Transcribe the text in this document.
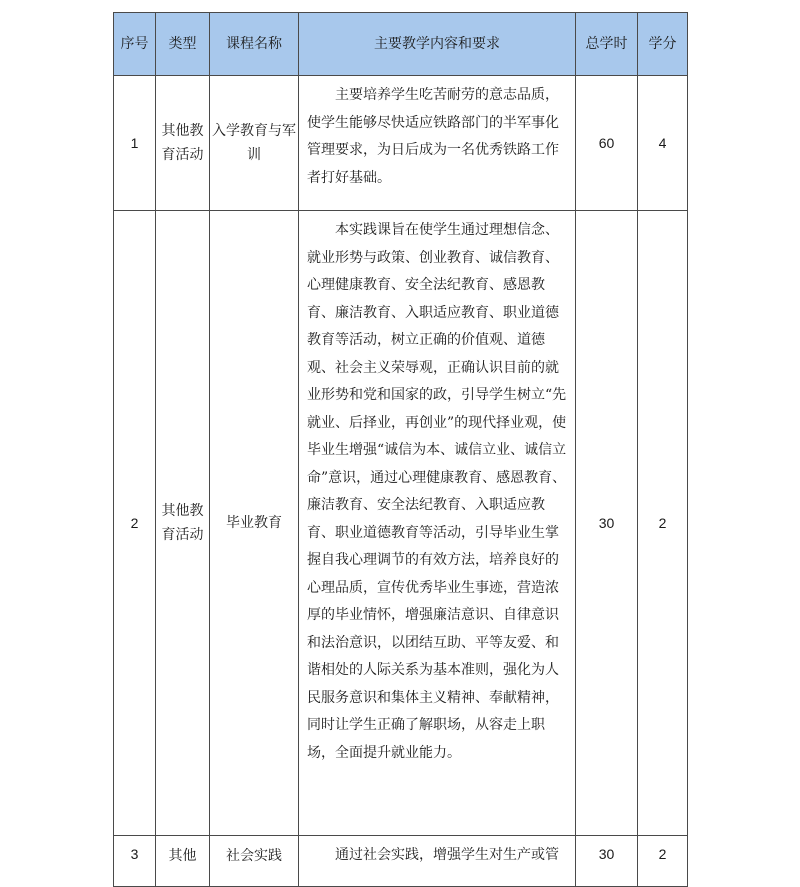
序号	类型	课程名称	主要教学内容和要求	总学时	学分
1	其他教育活动	入学教育与军训	主要培养学生吃苦耐劳的意志品质，使学生能够尽快适应铁路部门的半军事化管理要求，为日后成为一名优秀铁路工作者打好基础。	60	4
2	其他教育活动	毕业教育	本实践课旨在使学生通过理想信念、就业形势与政策、创业教育、诚信教育、心理健康教育、安全法纪教育、感恩教育、廉洁教育、入职适应教育、职业道德教育等活动，树立正确的价值观、道德观、社会主义荣辱观，正确认识目前的就业形势和党和国家的政，引导学生树立“先就业、后择业，再创业”的现代择业观，使毕业生增强“诚信为本、诚信立业、诚信立命”意识，通过心理健康教育、感恩教育、廉洁教育、安全法纪教育、入职适应教育、职业道德教育等活动，引导毕业生掌握自我心理调节的有效方法，培养良好的心理品质，宣传优秀毕业生事迹，营造浓厚的毕业情怀，增强廉洁意识、自律意识和法治意识，以团结互助、平等友爱、和谐相处的人际关系为基本准则，强化为人民服务意识和集体主义精神、奉献精神，同时让学生正确了解职场，从容走上职场，全面提升就业能力。	30	2
3	其他	社会实践	通过社会实践，增强学生对生产或管	30	2
